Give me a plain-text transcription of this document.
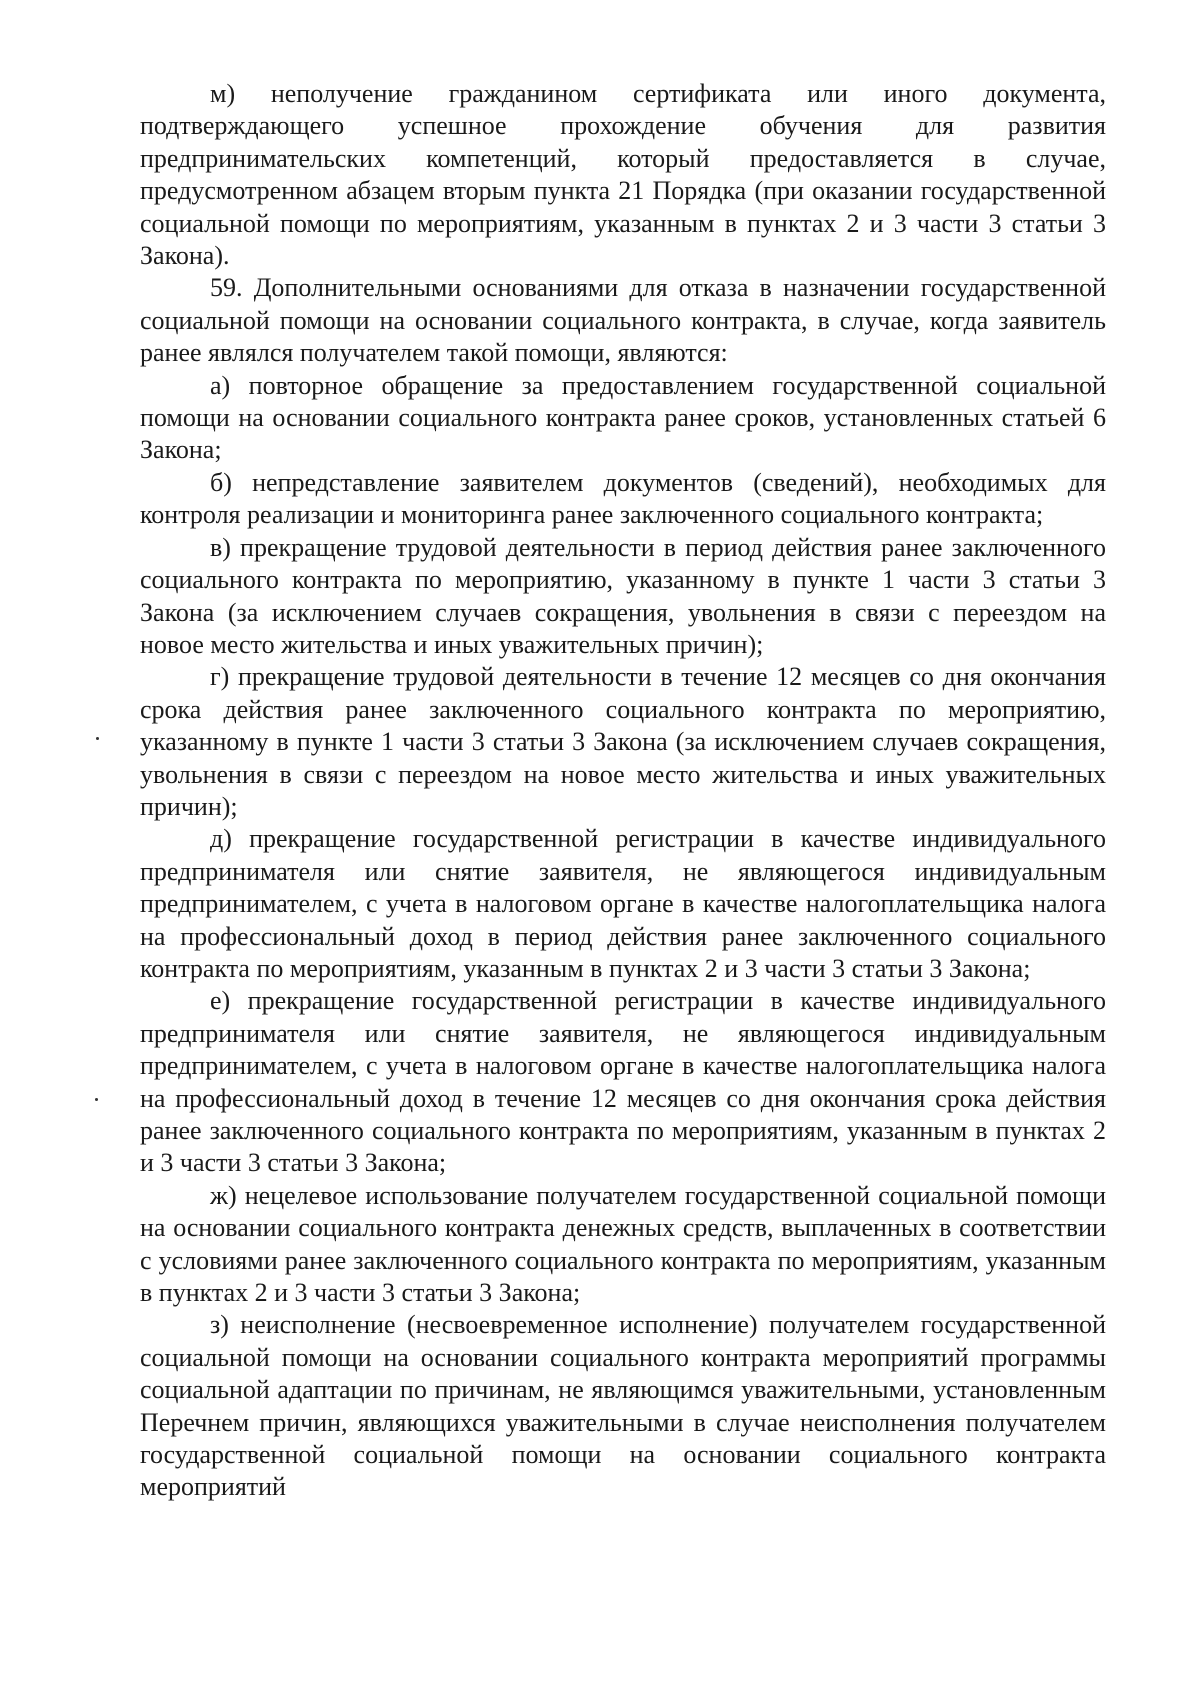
м) неполучение гражданином сертификата или иного документа, подтверждающего успешное прохождение обучения для развития предпринимательских компетенций, который предоставляется в случае, предусмотренном абзацем вторым пункта 21 Порядка (при оказании государственной социальной помощи по мероприятиям, указанным в пунктах 2 и 3 части 3 статьи 3 Закона).

59. Дополнительными основаниями для отказа в назначении государственной социальной помощи на основании социального контракта, в случае, когда заявитель ранее являлся получателем такой помощи, являются:

а) повторное обращение за предоставлением государственной социальной помощи на основании социального контракта ранее сроков, установленных статьей 6 Закона;

б) непредставление заявителем документов (сведений), необходимых для контроля реализации и мониторинга ранее заключенного социального контракта;

в) прекращение трудовой деятельности в период действия ранее заключенного социального контракта по мероприятию, указанному в пункте 1 части 3 статьи 3 Закона (за исключением случаев сокращения, увольнения в связи с переездом на новое место жительства и иных уважительных причин);

г) прекращение трудовой деятельности в течение 12 месяцев со дня окончания срока действия ранее заключенного социального контракта по мероприятию, указанному в пункте 1 части 3 статьи 3 Закона (за исключением случаев сокращения, увольнения в связи с переездом на новое место жительства и иных уважительных причин);

д) прекращение государственной регистрации в качестве индивидуального предпринимателя или снятие заявителя, не являющегося индивидуальным предпринимателем, с учета в налоговом органе в качестве налогоплательщика налога на профессиональный доход в период действия ранее заключенного социального контракта по мероприятиям, указанным в пунктах 2 и 3 части 3 статьи 3 Закона;

е) прекращение государственной регистрации в качестве индивидуального предпринимателя или снятие заявителя, не являющегося индивидуальным предпринимателем, с учета в налоговом органе в качестве налогоплательщика налога на профессиональный доход в течение 12 месяцев со дня окончания срока действия ранее заключенного социального контракта по мероприятиям, указанным в пунктах 2 и 3 части 3 статьи 3 Закона;

ж) нецелевое использование получателем государственной социальной помощи на основании социального контракта денежных средств, выплаченных в соответствии с условиями ранее заключенного социального контракта по мероприятиям, указанным в пунктах 2 и 3 части 3 статьи 3 Закона;

з) неисполнение (несвоевременное исполнение) получателем государственной социальной помощи на основании социального контракта мероприятий программы социальной адаптации по причинам, не являющимся уважительными, установленным Перечнем причин, являющихся уважительными в случае неисполнения получателем государственной социальной помощи на основании социального контракта мероприятий
